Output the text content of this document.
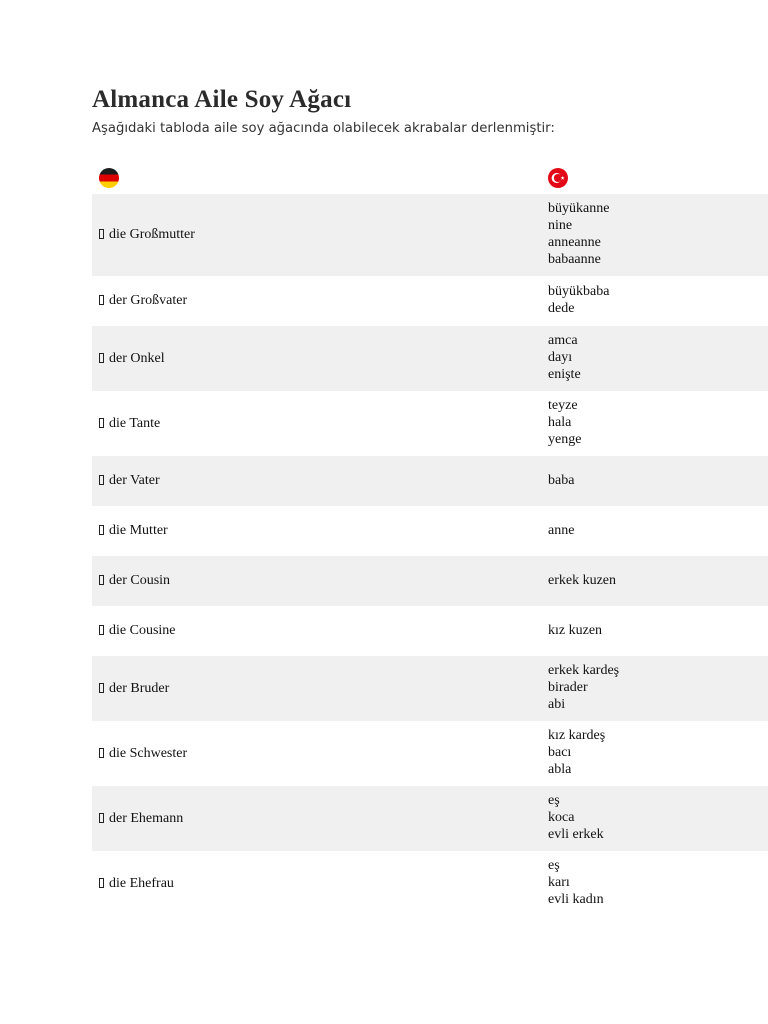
Almanca Aile Soy Ağacı

Aşağıdaki tabloda aile soy ağacında olabilecek akrabalar derlenmiştir:

die Großmutter	büyükanne
nine
anneanne
babaanne

der Großvater	büyükbaba
dede

der Onkel	amca
dayı
enişte

die Tante	teyze
hala
yenge

der Vater	baba

die Mutter	anne

der Cousin	erkek kuzen

die Cousine	kız kuzen

der Bruder	erkek kardeş
birader
abi

die Schwester	kız kardeş
bacı
abla

der Ehemann	eş
koca
evli erkek

die Ehefrau	eş
karı
evli kadın
